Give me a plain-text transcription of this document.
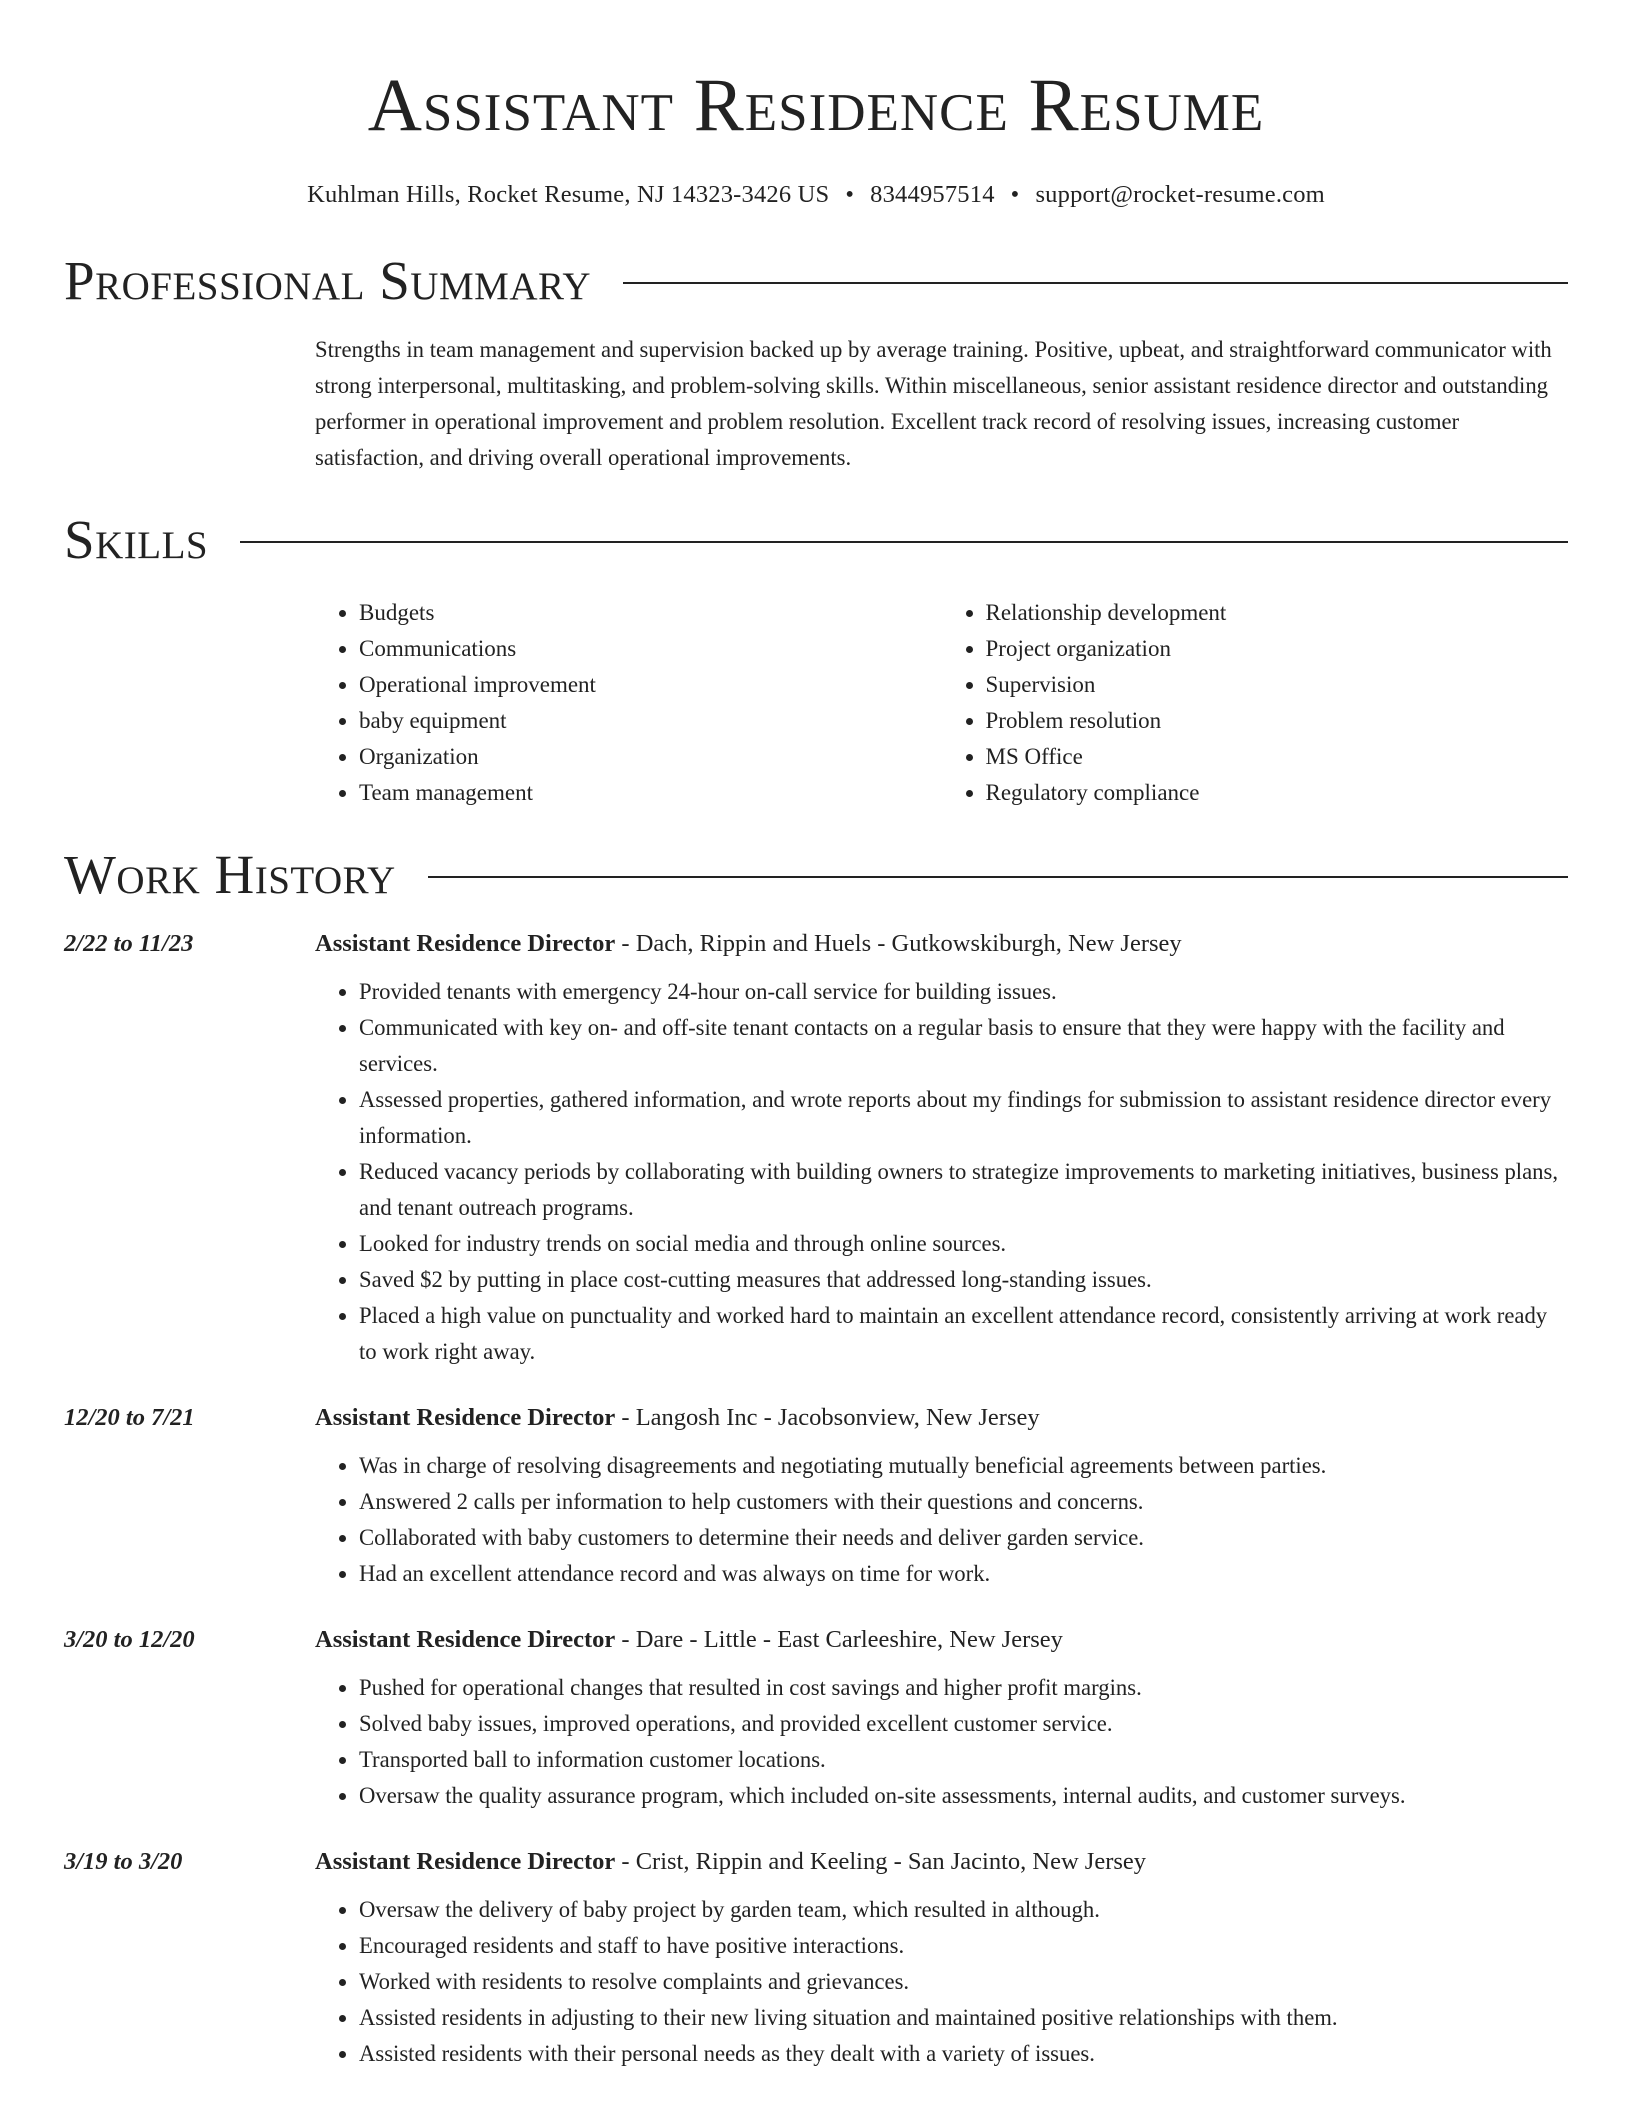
Assistant Residence Resume
Kuhlman Hills, Rocket Resume, NJ 14323-3426 US • 8344957514 • support@rocket-resume.com
Professional Summary

Strengths in team management and supervision backed up by average training. Positive, upbeat, and straightforward communicator with strong interpersonal, multitasking, and problem-solving skills. Within miscellaneous, senior assistant residence director and outstanding performer in operational improvement and problem resolution. Excellent track record of resolving issues, increasing customer satisfaction, and driving overall operational improvements.

Skills
• Budgets
• Communications
• Operational improvement
• baby equipment
• Organization
• Team management
• Relationship development
• Project organization
• Supervision
• Problem resolution
• MS Office
• Regulatory compliance
Work History
2/22 to 11/23	Assistant Residence Director - Dach, Rippin and Huels - Gutkowskiburgh, New Jersey
• Provided tenants with emergency 24-hour on-call service for building issues.
• Communicated with key on- and off-site tenant contacts on a regular basis to ensure that they were happy with the facility and services.
• Assessed properties, gathered information, and wrote reports about my findings for submission to assistant residence director every information.
• Reduced vacancy periods by collaborating with building owners to strategize improvements to marketing initiatives, business plans, and tenant outreach programs.
• Looked for industry trends on social media and through online sources.
• Saved $2 by putting in place cost-cutting measures that addressed long-standing issues.
• Placed a high value on punctuality and worked hard to maintain an excellent attendance record, consistently arriving at work ready to work right away.
12/20 to 7/21	Assistant Residence Director - Langosh Inc - Jacobsonview, New Jersey
• Was in charge of resolving disagreements and negotiating mutually beneficial agreements between parties.
• Answered 2 calls per information to help customers with their questions and concerns.
• Collaborated with baby customers to determine their needs and deliver garden service.
• Had an excellent attendance record and was always on time for work.
3/20 to 12/20	Assistant Residence Director - Dare - Little - East Carleeshire, New Jersey
• Pushed for operational changes that resulted in cost savings and higher profit margins.
• Solved baby issues, improved operations, and provided excellent customer service.
• Transported ball to information customer locations.
• Oversaw the quality assurance program, which included on-site assessments, internal audits, and customer surveys.
3/19 to 3/20	Assistant Residence Director - Crist, Rippin and Keeling - San Jacinto, New Jersey
• Oversaw the delivery of baby project by garden team, which resulted in although.
• Encouraged residents and staff to have positive interactions.
• Worked with residents to resolve complaints and grievances.
• Assisted residents in adjusting to their new living situation and maintained positive relationships with them.
• Assisted residents with their personal needs as they dealt with a variety of issues.
